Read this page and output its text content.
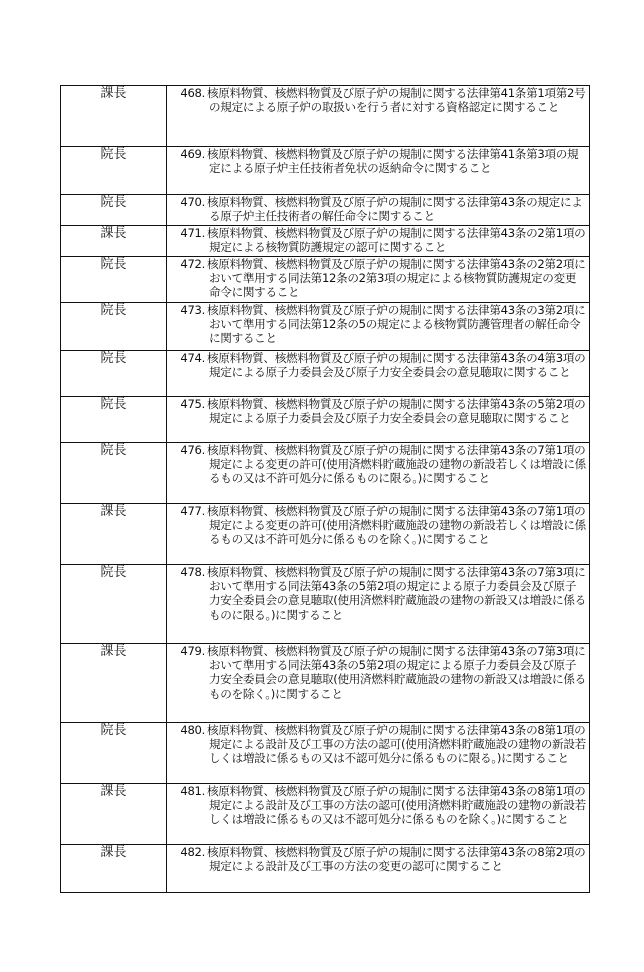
課長	468. 核原料物質、核燃料物質及び原子炉の規制に関する法律第41条第1項第2号の規定による原子炉の取扱いを行う者に対する資格認定に関すること

院長	469. 核原料物質、核燃料物質及び原子炉の規制に関する法律第41条第3項の規定による原子炉主任技術者免状の返納命令に関すること

院長	470. 核原料物質、核燃料物質及び原子炉の規制に関する法律第43条の規定による原子炉主任技術者の解任命令に関すること

課長	471. 核原料物質、核燃料物質及び原子炉の規制に関する法律第43条の2第1項の規定による核物質防護規定の認可に関すること

院長	472. 核原料物質、核燃料物質及び原子炉の規制に関する法律第43条の2第2項において準用する同法第12条の2第3項の規定による核物質防護規定の変更命令に関すること

院長	473. 核原料物質、核燃料物質及び原子炉の規制に関する法律第43条の3第2項において準用する同法第12条の5の規定による核物質防護管理者の解任命令に関すること

院長	474. 核原料物質、核燃料物質及び原子炉の規制に関する法律第43条の4第3項の規定による原子力委員会及び原子力安全委員会の意見聴取に関すること

院長	475. 核原料物質、核燃料物質及び原子炉の規制に関する法律第43条の5第2項の規定による原子力委員会及び原子力安全委員会の意見聴取に関すること

院長	476. 核原料物質、核燃料物質及び原子炉の規制に関する法律第43条の7第1項の規定による変更の許可(使用済燃料貯蔵施設の建物の新設若しくは増設に係るもの又は不許可処分に係るものに限る。)に関すること

課長	477. 核原料物質、核燃料物質及び原子炉の規制に関する法律第43条の7第1項の規定による変更の許可(使用済燃料貯蔵施設の建物の新設若しくは増設に係るもの又は不許可処分に係るものを除く。)に関すること

院長	478. 核原料物質、核燃料物質及び原子炉の規制に関する法律第43条の7第3項において準用する同法第43条の5第2項の規定による原子力委員会及び原子力安全委員会の意見聴取(使用済燃料貯蔵施設の建物の新設又は増設に係るものに限る。)に関すること

課長	479. 核原料物質、核燃料物質及び原子炉の規制に関する法律第43条の7第3項において準用する同法第43条の5第2項の規定による原子力委員会及び原子力安全委員会の意見聴取(使用済燃料貯蔵施設の建物の新設又は増設に係るものを除く。)に関すること

院長	480. 核原料物質、核燃料物質及び原子炉の規制に関する法律第43条の8第1項の規定による設計及び工事の方法の認可(使用済燃料貯蔵施設の建物の新設若しくは増設に係るもの又は不認可処分に係るものに限る。)に関すること

課長	481. 核原料物質、核燃料物質及び原子炉の規制に関する法律第43条の8第1項の規定による設計及び工事の方法の認可(使用済燃料貯蔵施設の建物の新設若しくは増設に係るもの又は不認可処分に係るものを除く。)に関すること

課長	482. 核原料物質、核燃料物質及び原子炉の規制に関する法律第43条の8第2項の規定による設計及び工事の方法の変更の認可に関すること
